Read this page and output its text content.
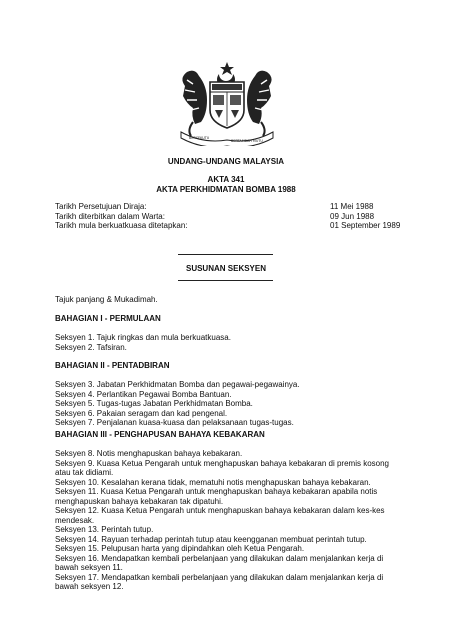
BERSEKUTU
BERTAMBAH MUTU
UNDANG-UNDANG MALAYSIA
AKTA 341
AKTA PERKHIDMATAN BOMBA 1988
Tarikh Persetujuan Diraja:	11 Mei 1988
Tarikh diterbitkan dalam Warta:	09 Jun 1988
Tarikh mula berkuatkuasa ditetapkan:	01 September 1989
SUSUNAN SEKSYEN

Tajuk panjang & Mukadimah.

BAHAGIAN I - PERMULAAN

Seksyen 1. Tajuk ringkas dan mula berkuatkuasa.

Seksyen 2. Tafsiran.

BAHAGIAN II - PENTADBIRAN

Seksyen 3. Jabatan Perkhidmatan Bomba dan pegawai-pegawainya.

Seksyen 4. Perlantikan Pegawai Bomba Bantuan.

Seksyen 5. Tugas-tugas Jabatan Perkhidmatan Bomba.

Seksyen 6. Pakaian seragam dan kad pengenal.

Seksyen 7. Penjalanan kuasa-kuasa dan pelaksanaan tugas-tugas.

BAHAGIAN III - PENGHAPUSAN BAHAYA KEBAKARAN

Seksyen 8. Notis menghapuskan bahaya kebakaran.

Seksyen 9. Kuasa Ketua Pengarah untuk menghapuskan bahaya kebakaran di premis kosong atau tak didiami.

Seksyen 10. Kesalahan kerana tidak, mematuhi notis menghapuskan bahaya kebakaran.

Seksyen 11. Kuasa Ketua Pengarah untuk menghapuskan bahaya kebakaran apabila notis menghapuskan bahaya kebakaran tak dipatuhi.

Seksyen 12. Kuasa Ketua Pengarah untuk menghapuskan bahaya kebakaran dalam kes-kes mendesak.

Seksyen 13. Perintah tutup.

Seksyen 14. Rayuan terhadap perintah tutup atau keengganan membuat perintah tutup.

Seksyen 15. Pelupusan harta yang dipindahkan oleh Ketua Pengarah.

Seksyen 16. Mendapatkan kembali perbelanjaan yang dilakukan dalam menjalankan kerja di bawah seksyen 11.

Seksyen 17. Mendapatkan kembali perbelanjaan yang dilakukan dalam menjalankan kerja di bawah seksyen 12.
